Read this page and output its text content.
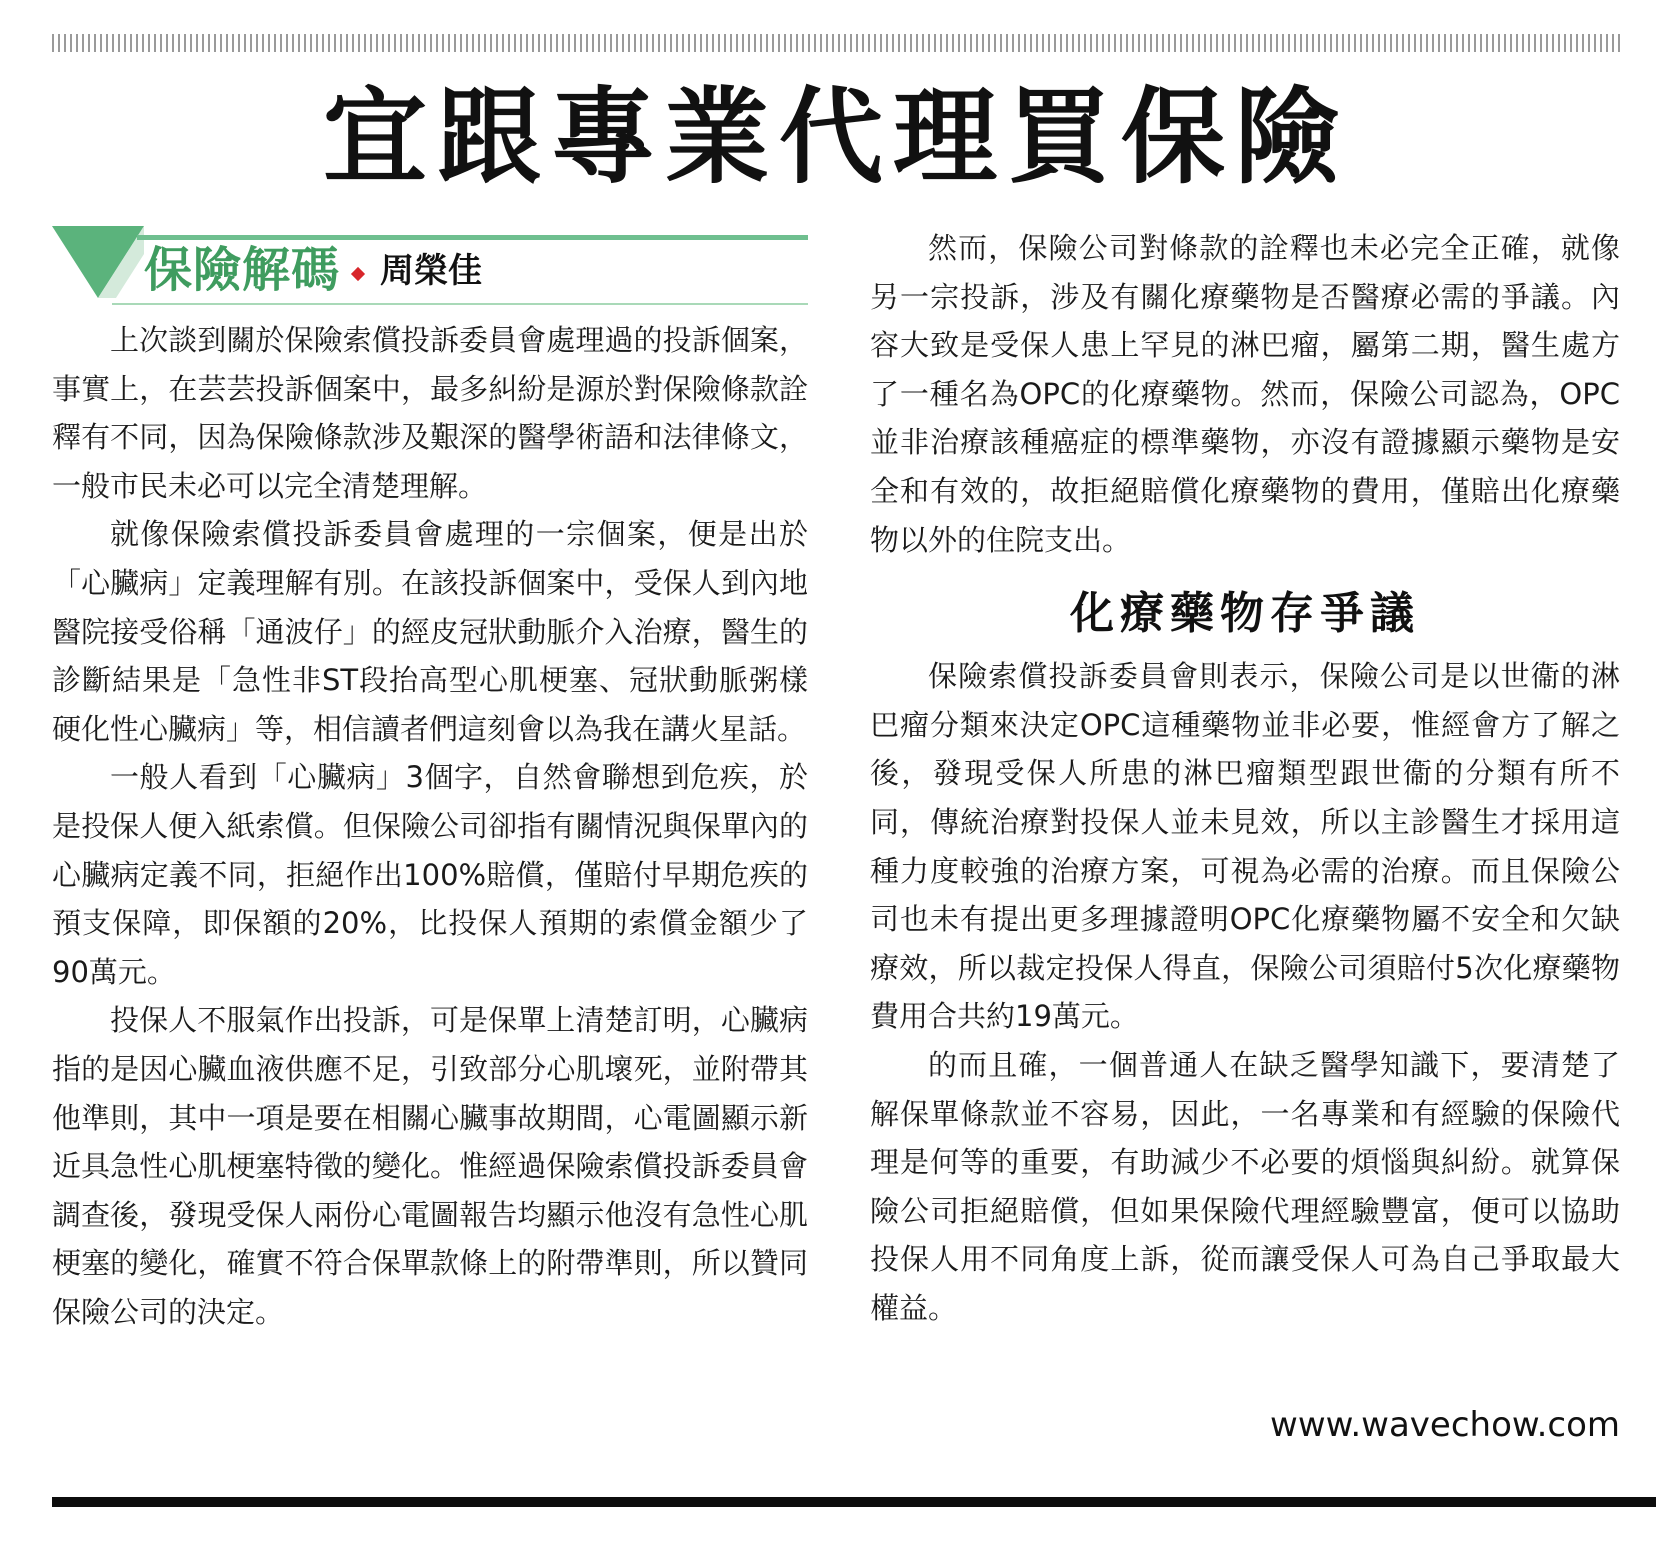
宜跟專業代理買保險
保險解碼 周榮佳

上次談到關於保險索償投訴委員會處理過的投訴個案，事實上，在芸芸投訴個案中，最多糾紛是源於對保險條款詮釋有不同，因為保險條款涉及艱深的醫學術語和法律條文，一般市民未必可以完全清楚理解。

就像保險索償投訴委員會處理的一宗個案，便是出於「心臟病」定義理解有別。在該投訴個案中，受保人到內地醫院接受俗稱「通波仔」的經皮冠狀動脈介入治療，醫生的診斷結果是「急性非ST段抬高型心肌梗塞、冠狀動脈粥樣硬化性心臟病」等，相信讀者們這刻會以為我在講火星話。

一般人看到「心臟病」3個字，自然會聯想到危疾，於是投保人便入紙索償。但保險公司卻指有關情況與保單內的心臟病定義不同，拒絕作出100%賠償，僅賠付早期危疾的預支保障，即保額的20%，比投保人預期的索償金額少了90萬元。

投保人不服氣作出投訴，可是保單上清楚訂明，心臟病指的是因心臟血液供應不足，引致部分心肌壞死，並附帶其他準則，其中一項是要在相關心臟事故期間，心電圖顯示新近具急性心肌梗塞特徵的變化。惟經過保險索償投訴委員會調查後，發現受保人兩份心電圖報告均顯示他沒有急性心肌梗塞的變化，確實不符合保單款條上的附帶準則，所以贊同保險公司的決定。

然而，保險公司對條款的詮釋也未必完全正確，就像另一宗投訴，涉及有關化療藥物是否醫療必需的爭議。內容大致是受保人患上罕見的淋巴瘤，屬第二期，醫生處方了一種名為OPC的化療藥物。然而，保險公司認為，OPC並非治療該種癌症的標準藥物，亦沒有證據顯示藥物是安全和有效的，故拒絕賠償化療藥物的費用，僅賠出化療藥物以外的住院支出。

化療藥物存爭議

保險索償投訴委員會則表示，保險公司是以世衞的淋巴瘤分類來決定OPC這種藥物並非必要，惟經會方了解之後，發現受保人所患的淋巴瘤類型跟世衞的分類有所不同，傳統治療對投保人並未見效，所以主診醫生才採用這種力度較強的治療方案，可視為必需的治療。而且保險公司也未有提出更多理據證明OPC化療藥物屬不安全和欠缺療效，所以裁定投保人得直，保險公司須賠付5次化療藥物費用合共約19萬元。

的而且確，一個普通人在缺乏醫學知識下，要清楚了解保單條款並不容易，因此，一名專業和有經驗的保險代理是何等的重要，有助減少不必要的煩惱與糾紛。就算保險公司拒絕賠償，但如果保險代理經驗豐富，便可以協助投保人用不同角度上訴，從而讓受保人可為自己爭取最大權益。

www.wavechow.com
